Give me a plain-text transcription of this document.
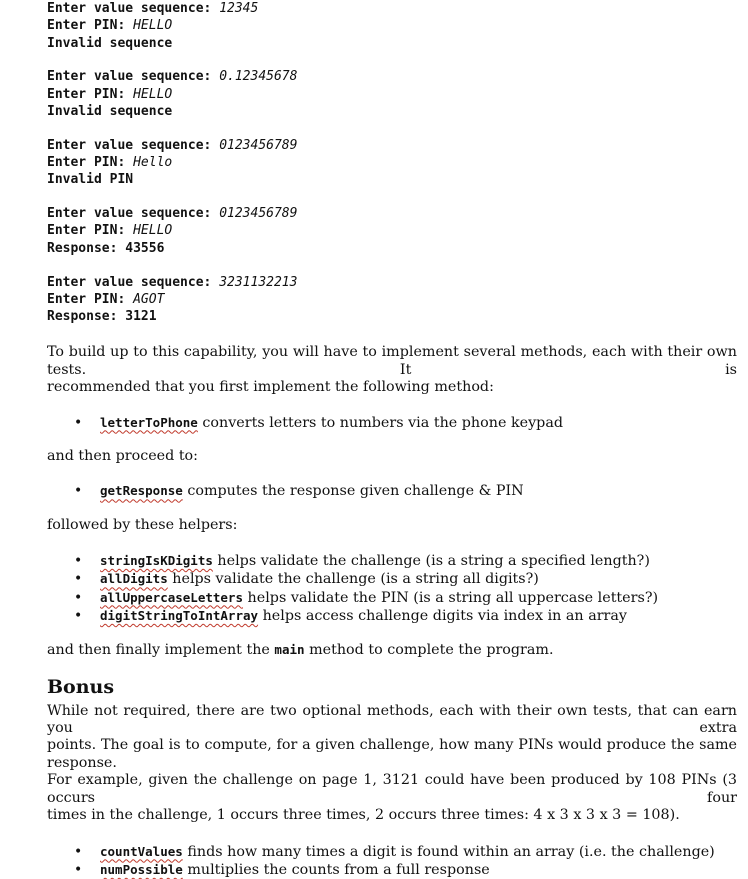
Enter value sequence: 12345
Enter PIN: HELLO
Invalid sequence
Enter value sequence: 0.12345678
Enter PIN: HELLO
Invalid sequence
Enter value sequence: 0123456789
Enter PIN: Hello
Invalid PIN
Enter value sequence: 0123456789
Enter PIN: HELLO
Response: 43556
Enter value sequence: 3231132213
Enter PIN: AGOT
Response: 3121

To build up to this capability, you will have to implement several methods, each with their own tests. It is

recommended that you first implement the following method:

• letterToPhone converts letters to numbers via the phone keypad

and then proceed to:

• getResponse computes the response given challenge & PIN

followed by these helpers:

• stringIsKDigits helps validate the challenge (is a string a specified length?)
• allDigits helps validate the challenge (is a string all digits?)
• allUppercaseLetters helps validate the PIN (is a string all uppercase letters?)
• digitStringToIntArray helps access challenge digits via index in an array

and then finally implement the main method to complete the program.

Bonus

While not required, there are two optional methods, each with their own tests, that can earn you extra

points. The goal is to compute, for a given challenge, how many PINs would produce the same response.

For example, given the challenge on page 1, 3121 could have been produced by 108 PINs (3 occurs four

times in the challenge, 1 occurs three times, 2 occurs three times: 4 x 3 x 3 x 3 = 108).

• countValues finds how many times a digit is found within an array (i.e. the challenge)
• numPossible multiplies the counts from a full response
